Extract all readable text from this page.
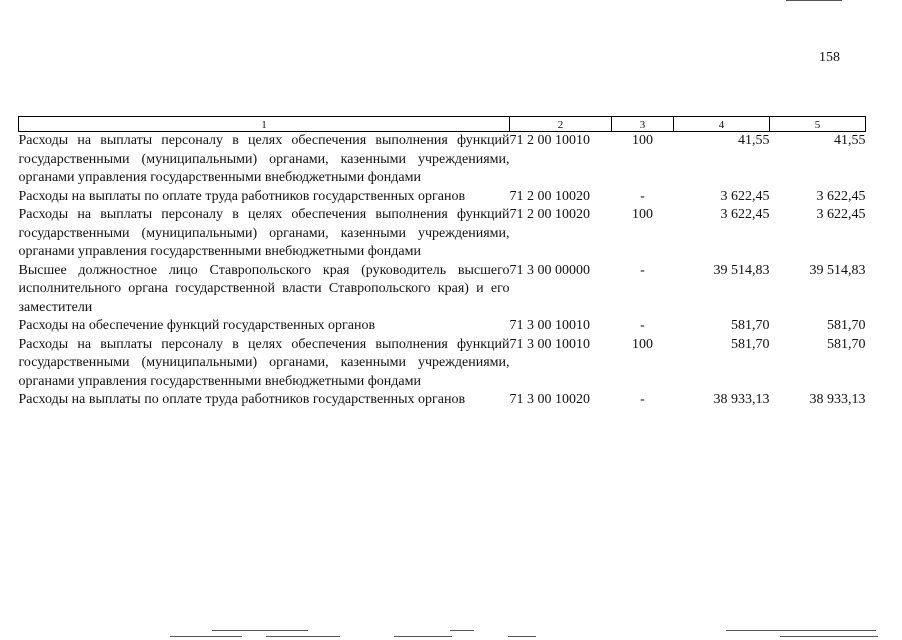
158
1	2	3	4	5
Расходы на выплаты персоналу в целях обеспечения выполнения функций государственными (муниципальными) органами, казенными учреждениями, органами управления государственными внебюджетными фондами	71 2 00 10010	100	41,55	41,55
Расходы на выплаты по оплате труда работников государственных органов	71 2 00 10020	-	3 622,45	3 622,45
Расходы на выплаты персоналу в целях обеспечения выполнения функций государственными (муниципальными) органами, казенными учреждениями, органами управления государственными внебюджетными фондами	71 2 00 10020	100	3 622,45	3 622,45
Высшее должностное лицо Ставропольского края (руководитель высшего исполнительного органа государственной власти Ставропольского края) и его заместители	71 3 00 00000	-	39 514,83	39 514,83
Расходы на обеспечение функций государственных органов	71 3 00 10010	-	581,70	581,70
Расходы на выплаты персоналу в целях обеспечения выполнения функций государственными (муниципальными) органами, казенными учреждениями, органами управления государственными внебюджетными фондами	71 3 00 10010	100	581,70	581,70
Расходы на выплаты по оплате труда работников государственных органов	71 3 00 10020	-	38 933,13	38 933,13
